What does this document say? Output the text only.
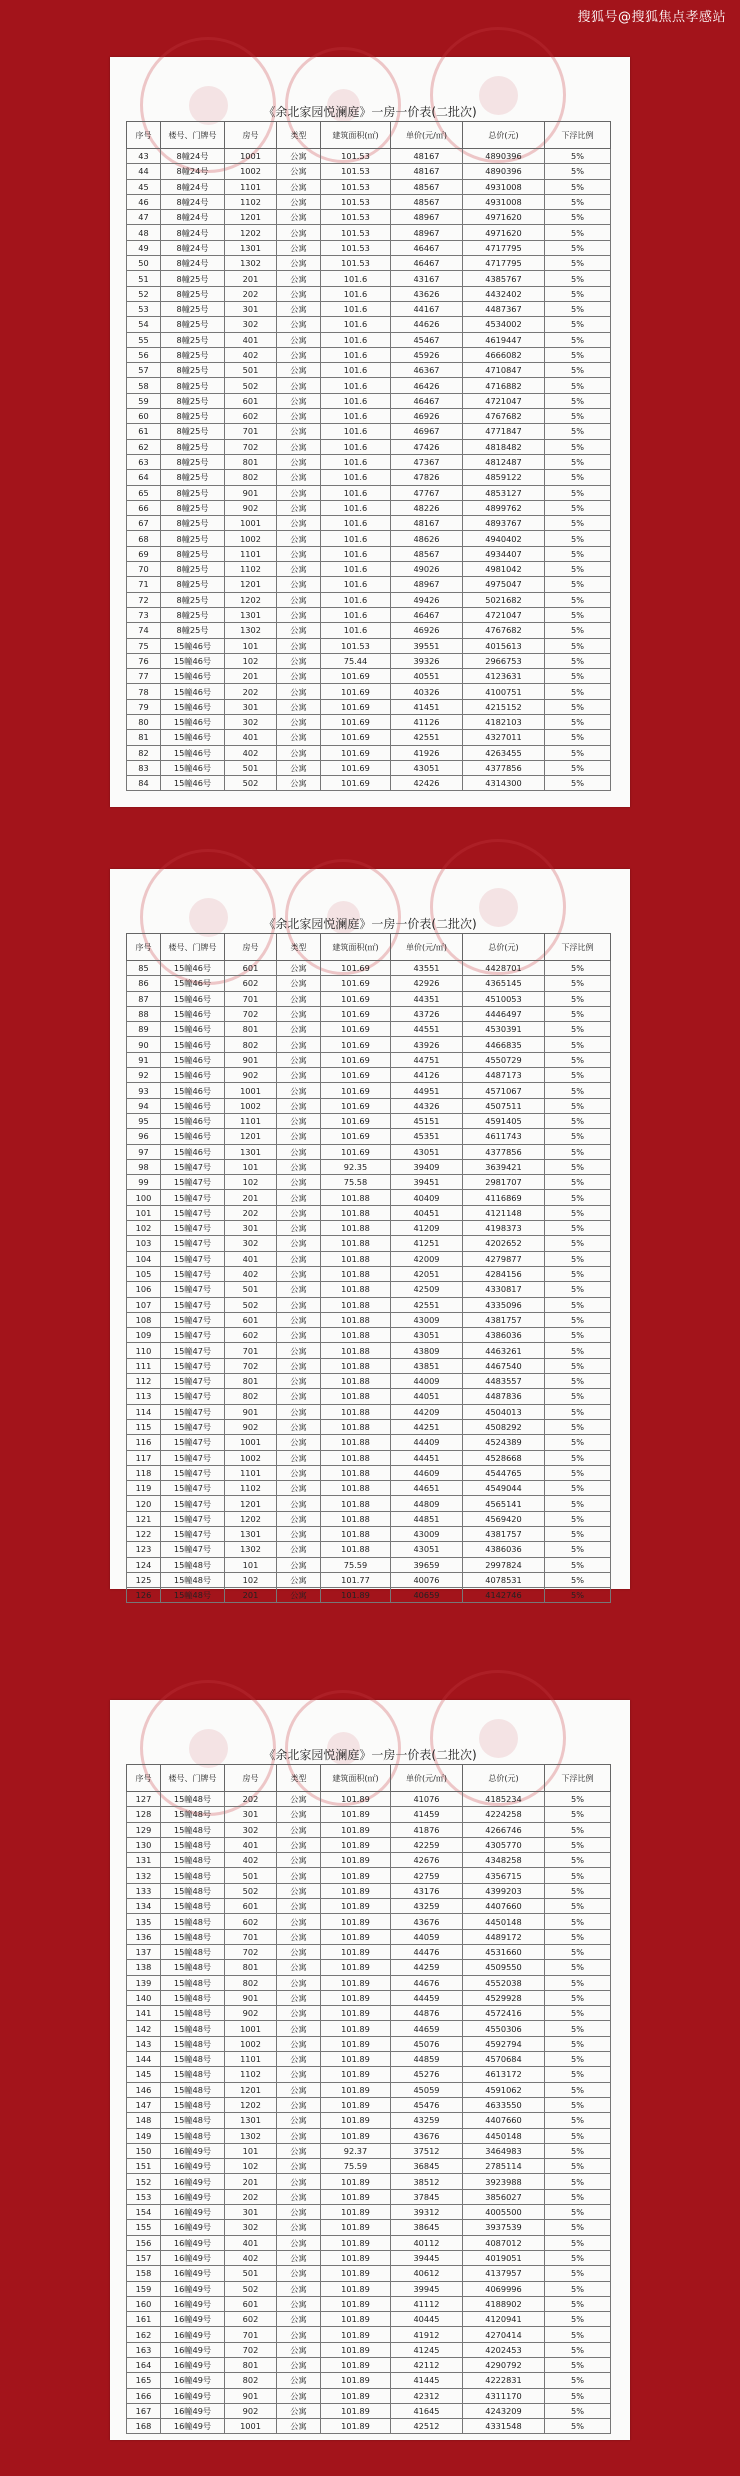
搜狐号@搜狐焦点孝感站
《余北家园悦澜庭》一房一价表(二批次)
序号	楼号、门牌号	房号	类型	建筑面积(㎡)	单价(元/㎡)	总价(元)	下浮比例
43	8幢24号	1001	公寓	101.53	48167	4890396	5%
44	8幢24号	1002	公寓	101.53	48167	4890396	5%
45	8幢24号	1101	公寓	101.53	48567	4931008	5%
46	8幢24号	1102	公寓	101.53	48567	4931008	5%
47	8幢24号	1201	公寓	101.53	48967	4971620	5%
48	8幢24号	1202	公寓	101.53	48967	4971620	5%
49	8幢24号	1301	公寓	101.53	46467	4717795	5%
50	8幢24号	1302	公寓	101.53	46467	4717795	5%
51	8幢25号	201	公寓	101.6	43167	4385767	5%
52	8幢25号	202	公寓	101.6	43626	4432402	5%
53	8幢25号	301	公寓	101.6	44167	4487367	5%
54	8幢25号	302	公寓	101.6	44626	4534002	5%
55	8幢25号	401	公寓	101.6	45467	4619447	5%
56	8幢25号	402	公寓	101.6	45926	4666082	5%
57	8幢25号	501	公寓	101.6	46367	4710847	5%
58	8幢25号	502	公寓	101.6	46426	4716882	5%
59	8幢25号	601	公寓	101.6	46467	4721047	5%
60	8幢25号	602	公寓	101.6	46926	4767682	5%
61	8幢25号	701	公寓	101.6	46967	4771847	5%
62	8幢25号	702	公寓	101.6	47426	4818482	5%
63	8幢25号	801	公寓	101.6	47367	4812487	5%
64	8幢25号	802	公寓	101.6	47826	4859122	5%
65	8幢25号	901	公寓	101.6	47767	4853127	5%
66	8幢25号	902	公寓	101.6	48226	4899762	5%
67	8幢25号	1001	公寓	101.6	48167	4893767	5%
68	8幢25号	1002	公寓	101.6	48626	4940402	5%
69	8幢25号	1101	公寓	101.6	48567	4934407	5%
70	8幢25号	1102	公寓	101.6	49026	4981042	5%
71	8幢25号	1201	公寓	101.6	48967	4975047	5%
72	8幢25号	1202	公寓	101.6	49426	5021682	5%
73	8幢25号	1301	公寓	101.6	46467	4721047	5%
74	8幢25号	1302	公寓	101.6	46926	4767682	5%
75	15幢46号	101	公寓	101.53	39551	4015613	5%
76	15幢46号	102	公寓	75.44	39326	2966753	5%
77	15幢46号	201	公寓	101.69	40551	4123631	5%
78	15幢46号	202	公寓	101.69	40326	4100751	5%
79	15幢46号	301	公寓	101.69	41451	4215152	5%
80	15幢46号	302	公寓	101.69	41126	4182103	5%
81	15幢46号	401	公寓	101.69	42551	4327011	5%
82	15幢46号	402	公寓	101.69	41926	4263455	5%
83	15幢46号	501	公寓	101.69	43051	4377856	5%
84	15幢46号	502	公寓	101.69	42426	4314300	5%
《余北家园悦澜庭》一房一价表(二批次)
序号	楼号、门牌号	房号	类型	建筑面积(㎡)	单价(元/㎡)	总价(元)	下浮比例
85	15幢46号	601	公寓	101.69	43551	4428701	5%
86	15幢46号	602	公寓	101.69	42926	4365145	5%
87	15幢46号	701	公寓	101.69	44351	4510053	5%
88	15幢46号	702	公寓	101.69	43726	4446497	5%
89	15幢46号	801	公寓	101.69	44551	4530391	5%
90	15幢46号	802	公寓	101.69	43926	4466835	5%
91	15幢46号	901	公寓	101.69	44751	4550729	5%
92	15幢46号	902	公寓	101.69	44126	4487173	5%
93	15幢46号	1001	公寓	101.69	44951	4571067	5%
94	15幢46号	1002	公寓	101.69	44326	4507511	5%
95	15幢46号	1101	公寓	101.69	45151	4591405	5%
96	15幢46号	1201	公寓	101.69	45351	4611743	5%
97	15幢46号	1301	公寓	101.69	43051	4377856	5%
98	15幢47号	101	公寓	92.35	39409	3639421	5%
99	15幢47号	102	公寓	75.58	39451	2981707	5%
100	15幢47号	201	公寓	101.88	40409	4116869	5%
101	15幢47号	202	公寓	101.88	40451	4121148	5%
102	15幢47号	301	公寓	101.88	41209	4198373	5%
103	15幢47号	302	公寓	101.88	41251	4202652	5%
104	15幢47号	401	公寓	101.88	42009	4279877	5%
105	15幢47号	402	公寓	101.88	42051	4284156	5%
106	15幢47号	501	公寓	101.88	42509	4330817	5%
107	15幢47号	502	公寓	101.88	42551	4335096	5%
108	15幢47号	601	公寓	101.88	43009	4381757	5%
109	15幢47号	602	公寓	101.88	43051	4386036	5%
110	15幢47号	701	公寓	101.88	43809	4463261	5%
111	15幢47号	702	公寓	101.88	43851	4467540	5%
112	15幢47号	801	公寓	101.88	44009	4483557	5%
113	15幢47号	802	公寓	101.88	44051	4487836	5%
114	15幢47号	901	公寓	101.88	44209	4504013	5%
115	15幢47号	902	公寓	101.88	44251	4508292	5%
116	15幢47号	1001	公寓	101.88	44409	4524389	5%
117	15幢47号	1002	公寓	101.88	44451	4528668	5%
118	15幢47号	1101	公寓	101.88	44609	4544765	5%
119	15幢47号	1102	公寓	101.88	44651	4549044	5%
120	15幢47号	1201	公寓	101.88	44809	4565141	5%
121	15幢47号	1202	公寓	101.88	44851	4569420	5%
122	15幢47号	1301	公寓	101.88	43009	4381757	5%
123	15幢47号	1302	公寓	101.88	43051	4386036	5%
124	15幢48号	101	公寓	75.59	39659	2997824	5%
125	15幢48号	102	公寓	101.77	40076	4078531	5%
126	15幢48号	201	公寓	101.89	40659	4142746	5%
《余北家园悦澜庭》一房一价表(二批次)
序号	楼号、门牌号	房号	类型	建筑面积(㎡)	单价(元/㎡)	总价(元)	下浮比例
127	15幢48号	202	公寓	101.89	41076	4185234	5%
128	15幢48号	301	公寓	101.89	41459	4224258	5%
129	15幢48号	302	公寓	101.89	41876	4266746	5%
130	15幢48号	401	公寓	101.89	42259	4305770	5%
131	15幢48号	402	公寓	101.89	42676	4348258	5%
132	15幢48号	501	公寓	101.89	42759	4356715	5%
133	15幢48号	502	公寓	101.89	43176	4399203	5%
134	15幢48号	601	公寓	101.89	43259	4407660	5%
135	15幢48号	602	公寓	101.89	43676	4450148	5%
136	15幢48号	701	公寓	101.89	44059	4489172	5%
137	15幢48号	702	公寓	101.89	44476	4531660	5%
138	15幢48号	801	公寓	101.89	44259	4509550	5%
139	15幢48号	802	公寓	101.89	44676	4552038	5%
140	15幢48号	901	公寓	101.89	44459	4529928	5%
141	15幢48号	902	公寓	101.89	44876	4572416	5%
142	15幢48号	1001	公寓	101.89	44659	4550306	5%
143	15幢48号	1002	公寓	101.89	45076	4592794	5%
144	15幢48号	1101	公寓	101.89	44859	4570684	5%
145	15幢48号	1102	公寓	101.89	45276	4613172	5%
146	15幢48号	1201	公寓	101.89	45059	4591062	5%
147	15幢48号	1202	公寓	101.89	45476	4633550	5%
148	15幢48号	1301	公寓	101.89	43259	4407660	5%
149	15幢48号	1302	公寓	101.89	43676	4450148	5%
150	16幢49号	101	公寓	92.37	37512	3464983	5%
151	16幢49号	102	公寓	75.59	36845	2785114	5%
152	16幢49号	201	公寓	101.89	38512	3923988	5%
153	16幢49号	202	公寓	101.89	37845	3856027	5%
154	16幢49号	301	公寓	101.89	39312	4005500	5%
155	16幢49号	302	公寓	101.89	38645	3937539	5%
156	16幢49号	401	公寓	101.89	40112	4087012	5%
157	16幢49号	402	公寓	101.89	39445	4019051	5%
158	16幢49号	501	公寓	101.89	40612	4137957	5%
159	16幢49号	502	公寓	101.89	39945	4069996	5%
160	16幢49号	601	公寓	101.89	41112	4188902	5%
161	16幢49号	602	公寓	101.89	40445	4120941	5%
162	16幢49号	701	公寓	101.89	41912	4270414	5%
163	16幢49号	702	公寓	101.89	41245	4202453	5%
164	16幢49号	801	公寓	101.89	42112	4290792	5%
165	16幢49号	802	公寓	101.89	41445	4222831	5%
166	16幢49号	901	公寓	101.89	42312	4311170	5%
167	16幢49号	902	公寓	101.89	41645	4243209	5%
168	16幢49号	1001	公寓	101.89	42512	4331548	5%
